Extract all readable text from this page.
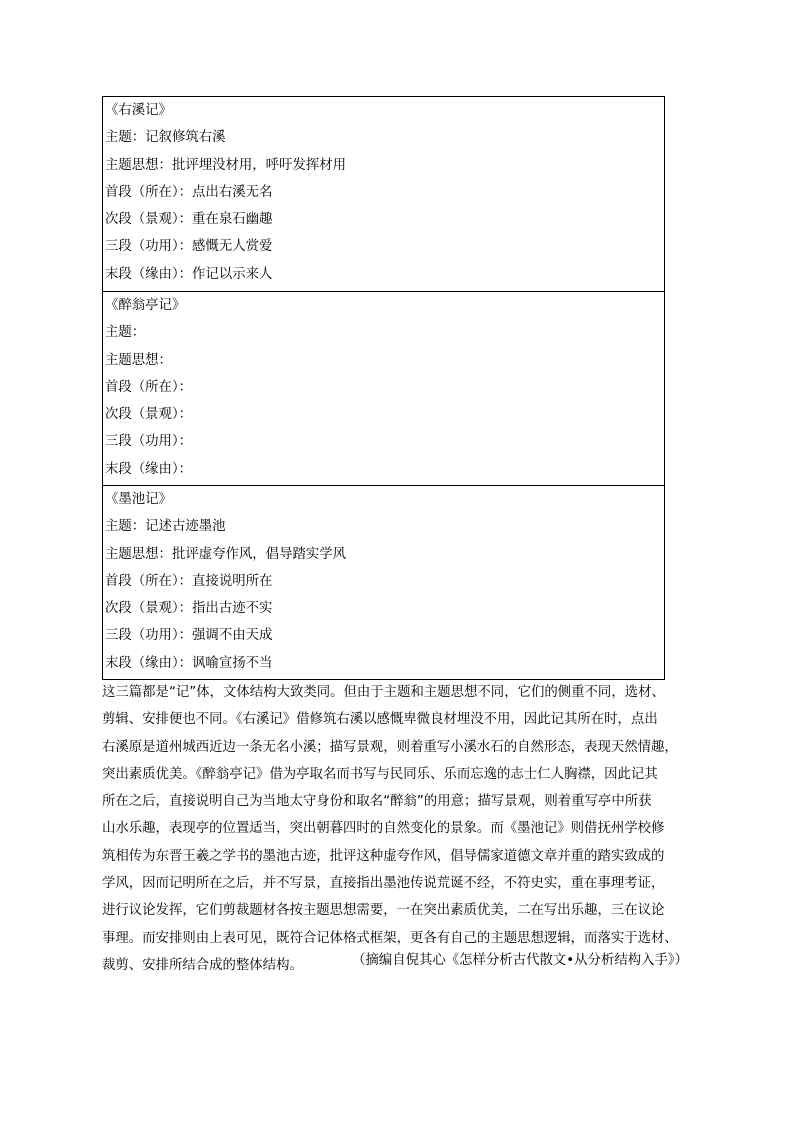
《右溪记》
主题：记叙修筑右溪
主题思想：批评埋没材用，呼吁发挥材用
首段（所在）：点出右溪无名
次段（景观）：重在泉石幽趣
三段（功用）：感慨无人赏爱
末段（缘由）：作记以示来人
《醉翁亭记》
主题：
主题思想：
首段（所在）：
次段（景观）：
三段（功用）：
末段（缘由）：
《墨池记》
主题：记述古迹墨池
主题思想：批评虚夸作风，倡导踏实学风
首段（所在）：直接说明所在
次段（景观）：指出古迹不实
三段（功用）：强调不由天成
末段（缘由）：讽喻宣扬不当
这三篇都是“记”体，文体结构大致类同。但由于主题和主题思想不同，它们的侧重不同，选材、
剪辑、安排便也不同。《右溪记》借修筑右溪以感慨卑微良材埋没不用，因此记其所在时，点出
右溪原是道州城西近边一条无名小溪；描写景观，则着重写小溪水石的自然形态，表现天然情趣，
突出素质优美。《醉翁亭记》借为亭取名而书写与民同乐、乐而忘逸的志士仁人胸襟，因此记其
所在之后，直接说明自己为当地太守身份和取名“醉翁”的用意；描写景观，则着重写亭中所获
山水乐趣，表现亭的位置适当，突出朝暮四时的自然变化的景象。而《墨池记》则借抚州学校修
筑相传为东晋王羲之学书的墨池古迹，批评这种虚夸作风，倡导儒家道德文章并重的踏实致成的
学风，因而记明所在之后，并不写景，直接指出墨池传说荒诞不经，不符史实，重在事理考证，
进行议论发挥，它们剪裁题材各按主题思想需要，一在突出素质优美，二在写出乐趣，三在议论
事理。而安排则由上表可见，既符合记体格式框架，更各有自己的主题思想逻辑，而落实于选材、
裁剪、安排所结合成的整体结构。	（摘编自倪其心《怎样分析古代散文•从分析结构入手》）
